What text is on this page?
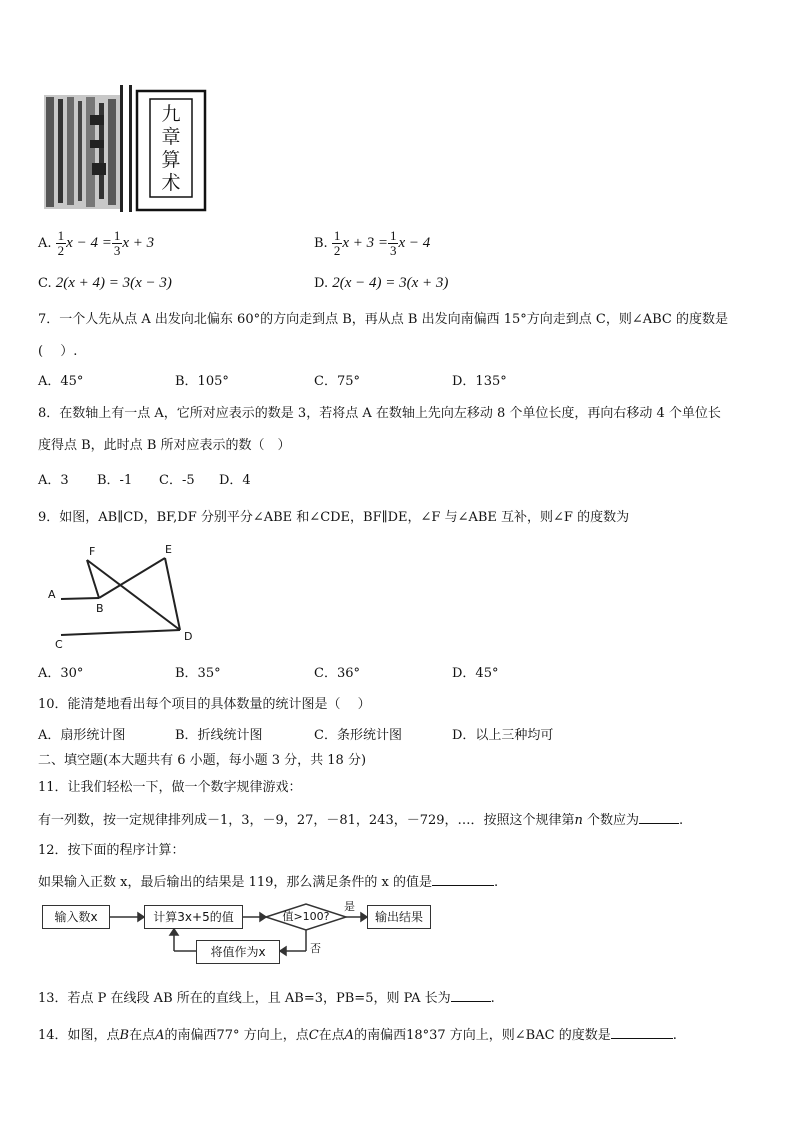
九章算术
A. $\frac{1}{2}$ $x - 4 = \frac{1}{3}$ x + 3	B. $\frac{1}{2}$ $x + 3 = \frac{1}{3}$ x − 4
C. 2(x + 4) = 3(x − 3)	D. 2(x − 4) = 3(x + 3)
7．一个人先从点 A 出发向北偏东 60°的方向走到点 B，再从点 B 出发向南偏西 15°方向走到点 C，则∠ABC 的度数是
(　 ）.
A．45°	B．105°	C．75°	D．135°
8．在数轴上有一点 A，它所对应表示的数是 3，若将点 A 在数轴上先向左移动 8 个单位长度，再向右移动 4 个单位长
度得点 B，此时点 B 所对应表示的数（　）
A．3 B．-1 C．-5 D．4
9．如图，AB∥CD，BF,DF 分别平分∠ABE 和∠CDE，BF∥DE，∠F 与∠ABE 互补，则∠F 的度数为
F	E
A
B
C
D
A．30°	B．35°	C．36°	D．45°
10．能清楚地看出每个项目的具体数量的统计图是（　 ）
A．扇形统计图	B．折线统计图	C．条形统计图	D．以上三种均可
二、填空题(本大题共有 6 小题，每小题 3 分，共 18 分)
11．让我们轻松一下，做一个数字规律游戏：
有一列数，按一定规律排列成－1，3，－9，27，－81，243，－729，…．按照这个规律第n 个数应为	.
12．按下面的程序计算：
如果输入正数 x，最后输出的结果是 119，那么满足条件的 x 的值是	.
输入数x	计算3x+5的值	值>100?
是
否
输出结果
将值作为x
13．若点 P 在线段 AB 所在的直线上，且 AB=3，PB=5，则 PA 长为	.
14．如图，点B在点A的南偏西77° 方向上，点C在点A的南偏西18°37 方向上，则∠BAC 的度数是	.
